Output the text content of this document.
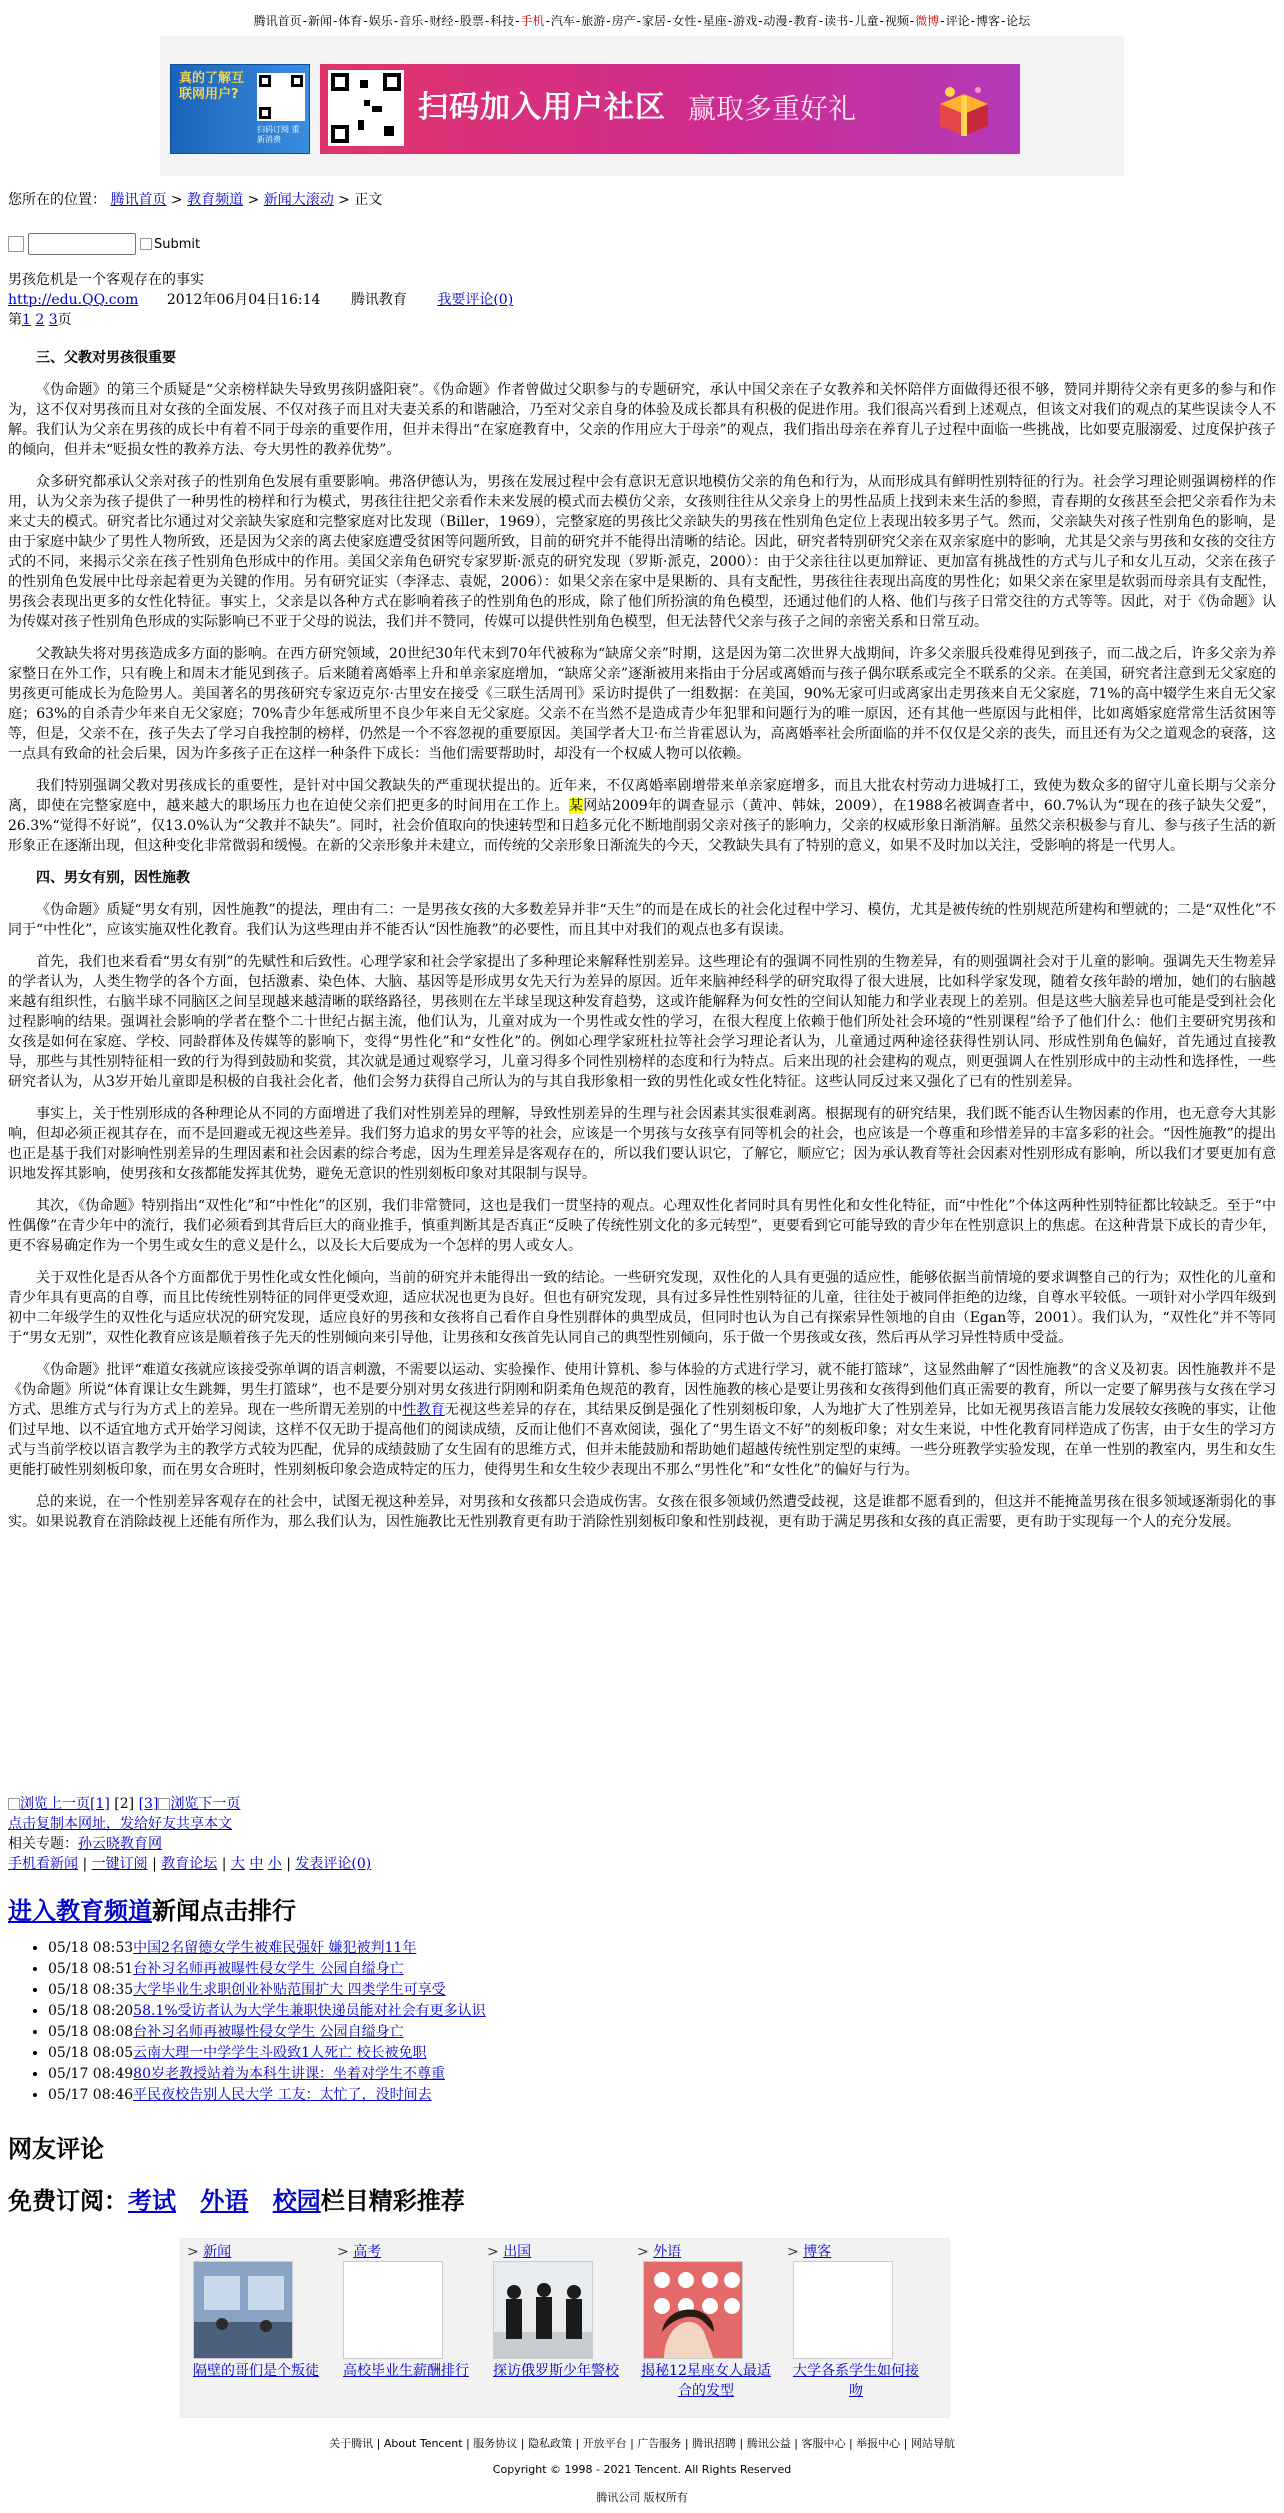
腾讯首页-新闻-体育-娱乐-音乐-财经-股票-科技-手机-汽车-旅游-房产-家居-女性-星座-游戏-动漫-教育-读书-儿童-视频-微博-评论-博客-论坛
真的了解互联网用户?
扫码订阅 重新消费
扫码加入用户社区 赢取多重好礼
您所在的位置： 腾讯首页 > 教育频道 > 新闻大滚动 > 正文
Submit
男孩危机是一个客观存在的事实
http://edu.QQ.com 2012年06月04日16:14 腾讯教育 我要评论(0)
第1 2 3页
三、父教对男孩很重要

《伪命题》的第三个质疑是“父亲榜样缺失导致男孩阴盛阳衰”。《伪命题》作者曾做过父职参与的专题研究，承认中国父亲在子女教养和关怀陪伴方面做得还很不够，赞同并期待父亲有更多的参与和作为，这不仅对男孩而且对女孩的全面发展、不仅对孩子而且对夫妻关系的和谐融洽，乃至对父亲自身的体验及成长都具有积极的促进作用。我们很高兴看到上述观点，但该文对我们的观点的某些误读令人不解。我们认为父亲在男孩的成长中有着不同于母亲的重要作用，但并未得出“在家庭教育中，父亲的作用应大于母亲”的观点，我们指出母亲在养育儿子过程中面临一些挑战，比如要克服溺爱、过度保护孩子的倾向，但并未“贬损女性的教养方法、夸大男性的教养优势”。

众多研究都承认父亲对孩子的性别角色发展有重要影响。弗洛伊德认为，男孩在发展过程中会有意识无意识地模仿父亲的角色和行为，从而形成具有鲜明性别特征的行为。社会学习理论则强调榜样的作用，认为父亲为孩子提供了一种男性的榜样和行为模式，男孩往往把父亲看作未来发展的模式而去模仿父亲，女孩则往往从父亲身上的男性品质上找到未来生活的参照，青春期的女孩甚至会把父亲看作为未来丈夫的模式。研究者比尔通过对父亲缺失家庭和完整家庭对比发现（Biller，1969），完整家庭的男孩比父亲缺失的男孩在性别角色定位上表现出较多男子气。然而，父亲缺失对孩子性别角色的影响，是由于家庭中缺少了男性人物所致，还是因为父亲的离去使家庭遭受贫困等问题所致，目前的研究并不能得出清晰的结论。因此，研究者特别研究父亲在双亲家庭中的影响，尤其是父亲与男孩和女孩的交往方式的不同，来揭示父亲在孩子性别角色形成中的作用。美国父亲角色研究专家罗斯·派克的研究发现（罗斯·派克，2000）：由于父亲往往以更加辩证、更加富有挑战性的方式与儿子和女儿互动，父亲在孩子的性别角色发展中比母亲起着更为关键的作用。另有研究证实（李泽志、袁妮，2006）：如果父亲在家中是果断的、具有支配性，男孩往往表现出高度的男性化；如果父亲在家里是软弱而母亲具有支配性，男孩会表现出更多的女性化特征。事实上，父亲是以各种方式在影响着孩子的性别角色的形成，除了他们所扮演的角色模型，还通过他们的人格、他们与孩子日常交往的方式等等。因此，对于《伪命题》认为传媒对孩子性别角色形成的实际影响已不亚于父母的说法，我们并不赞同，传媒可以提供性别角色模型，但无法替代父亲与孩子之间的亲密关系和日常互动。

父教缺失将对男孩造成多方面的影响。在西方研究领域，20世纪30年代末到70年代被称为“缺席父亲”时期，这是因为第二次世界大战期间，许多父亲服兵役难得见到孩子，而二战之后，许多父亲为养家整日在外工作，只有晚上和周末才能见到孩子。后来随着离婚率上升和单亲家庭增加，“缺席父亲”逐渐被用来指由于分居或离婚而与孩子偶尔联系或完全不联系的父亲。在美国，研究者注意到无父家庭的男孩更可能成长为危险男人。美国著名的男孩研究专家迈克尔·古里安在接受《三联生活周刊》采访时提供了一组数据：在美国，90%无家可归或离家出走男孩来自无父家庭，71%的高中辍学生来自无父家庭；63%的自杀青少年来自无父家庭；70%青少年惩戒所里不良少年来自无父家庭。父亲不在当然不是造成青少年犯罪和问题行为的唯一原因，还有其他一些原因与此相伴，比如离婚家庭常常生活贫困等等，但是，父亲不在，孩子失去了学习自我控制的榜样，仍然是一个不容忽视的重要原因。美国学者大卫·布兰肯霍恩认为，高离婚率社会所面临的并不仅仅是父亲的丧失，而且还有为父之道观念的衰落，这一点具有致命的社会后果，因为许多孩子正在这样一种条件下成长：当他们需要帮助时，却没有一个权威人物可以依赖。

我们特别强调父教对男孩成长的重要性，是针对中国父教缺失的严重现状提出的。近年来，不仅离婚率剧增带来单亲家庭增多，而且大批农村劳动力进城打工，致使为数众多的留守儿童长期与父亲分离，即使在完整家庭中，越来越大的职场压力也在迫使父亲们把更多的时间用在工作上。某网站2009年的调查显示（黄冲、韩妹，2009），在1988名被调查者中，60.7%认为“现在的孩子缺失父爱”，26.3%“觉得不好说”，仅13.0%认为“父教并不缺失”。同时，社会价值取向的快速转型和日趋多元化不断地削弱父亲对孩子的影响力，父亲的权威形象日渐消解。虽然父亲积极参与育儿、参与孩子生活的新形象正在逐渐出现，但这种变化非常微弱和缓慢。在新的父亲形象并未建立，而传统的父亲形象日渐流失的今天，父教缺失具有了特别的意义，如果不及时加以关注，受影响的将是一代男人。

四、男女有别，因性施教

《伪命题》质疑“男女有别，因性施教”的提法，理由有二：一是男孩女孩的大多数差异并非“天生”的而是在成长的社会化过程中学习、模仿，尤其是被传统的性别规范所建构和塑就的；二是“双性化”不同于“中性化”，应该实施双性化教育。我们认为这些理由并不能否认“因性施教”的必要性，而且其中对我们的观点也多有误读。

首先，我们也来看看“男女有别”的先赋性和后致性。心理学家和社会学家提出了多种理论来解释性别差异。这些理论有的强调不同性别的生物差异，有的则强调社会对于儿童的影响。强调先天生物差异的学者认为，人类生物学的各个方面，包括激素、染色体、大脑、基因等是形成男女先天行为差异的原因。近年来脑神经科学的研究取得了很大进展，比如科学家发现，随着女孩年龄的增加，她们的右脑越来越有组织性，右脑半球不同脑区之间呈现越来越清晰的联络路径，男孩则在左半球呈现这种发育趋势，这或许能解释为何女性的空间认知能力和学业表现上的差别。但是这些大脑差异也可能是受到社会化过程影响的结果。强调社会影响的学者在整个二十世纪占据主流，他们认为，儿童对成为一个男性或女性的学习，在很大程度上依赖于他们所处社会环境的“性别课程”给予了他们什么：他们主要研究男孩和女孩是如何在家庭、学校、同龄群体及传媒等的影响下，变得“男性化”和“女性化”的。例如心理学家班杜拉等社会学习理论者认为，儿童通过两种途径获得性别认同、形成性别角色偏好，首先通过直接教导，那些与其性别特征相一致的行为得到鼓励和奖赏，其次就是通过观察学习，儿童习得多个同性别榜样的态度和行为特点。后来出现的社会建构的观点，则更强调人在性别形成中的主动性和选择性，一些研究者认为，从3岁开始儿童即是积极的自我社会化者，他们会努力获得自己所认为的与其自我形象相一致的男性化或女性化特征。这些认同反过来又强化了已有的性别差异。

事实上，关于性别形成的各种理论从不同的方面增进了我们对性别差异的理解，导致性别差异的生理与社会因素其实很难剥离。根据现有的研究结果，我们既不能否认生物因素的作用，也无意夸大其影响，但却必须正视其存在，而不是回避或无视这些差异。我们努力追求的男女平等的社会，应该是一个男孩与女孩享有同等机会的社会，也应该是一个尊重和珍惜差异的丰富多彩的社会。“因性施教”的提出也正是基于我们对影响性别差异的生理因素和社会因素的综合考虑，因为生理差异是客观存在的，所以我们要认识它，了解它，顺应它；因为承认教育等社会因素对性别形成有影响，所以我们才要更加有意识地发挥其影响，使男孩和女孩都能发挥其优势，避免无意识的性别刻板印象对其限制与误导。

其次，《伪命题》特别指出“双性化”和“中性化”的区别，我们非常赞同，这也是我们一贯坚持的观点。心理双性化者同时具有男性化和女性化特征，而“中性化”个体这两种性别特征都比较缺乏。至于“中性偶像”在青少年中的流行，我们必须看到其背后巨大的商业推手，慎重判断其是否真正“反映了传统性别文化的多元转型”，更要看到它可能导致的青少年在性别意识上的焦虑。在这种背景下成长的青少年，更不容易确定作为一个男生或女生的意义是什么，以及长大后要成为一个怎样的男人或女人。

关于双性化是否从各个方面都优于男性化或女性化倾向，当前的研究并未能得出一致的结论。一些研究发现，双性化的人具有更强的适应性，能够依据当前情境的要求调整自己的行为；双性化的儿童和青少年具有更高的自尊，而且比传统性别特征的同伴更受欢迎，适应状况也更为良好。但也有研究发现，具有过多异性性别特征的儿童，往往处于被同伴拒绝的边缘，自尊水平较低。一项针对小学四年级到初中二年级学生的双性化与适应状况的研究发现，适应良好的男孩和女孩将自己看作自身性别群体的典型成员，但同时也认为自己有探索异性领地的自由（Egan等，2001）。我们认为，“双性化”并不等同于“男女无别”，双性化教育应该是顺着孩子先天的性别倾向来引导他，让男孩和女孩首先认同自己的典型性别倾向，乐于做一个男孩或女孩，然后再从学习异性特质中受益。

《伪命题》批评“难道女孩就应该接受弥单调的语言刺激，不需要以运动、实验操作、使用计算机、参与体验的方式进行学习，就不能打篮球”，这显然曲解了“因性施教”的含义及初衷。因性施教并不是《伪命题》所说“体育课让女生跳舞，男生打篮球”，也不是要分别对男女孩进行阴刚和阴柔角色规范的教育，因性施教的核心是要让男孩和女孩得到他们真正需要的教育，所以一定要了解男孩与女孩在学习方式、思维方式与行为方式上的差异。现在一些所谓无差别的中性教育无视这些差异的存在，其结果反倒是强化了性别刻板印象，人为地扩大了性别差异，比如无视男孩语言能力发展较女孩晚的事实，让他们过早地、以不适宜地方式开始学习阅读，这样不仅无助于提高他们的阅读成绩，反而让他们不喜欢阅读，强化了“男生语文不好”的刻板印象；对女生来说，中性化教育同样造成了伤害，由于女生的学习方式与当前学校以语言教学为主的教学方式较为匹配，优异的成绩鼓励了女生固有的思维方式，但并未能鼓励和帮助她们超越传统性别定型的束缚。一些分班教学实验发现，在单一性别的教室内，男生和女生更能打破性别刻板印象，而在男女合班时，性别刻板印象会造成特定的压力，使得男生和女生较少表现出不那么“男性化”和“女性化”的偏好与行为。

总的来说，在一个性别差异客观存在的社会中，试图无视这种差异，对男孩和女孩都只会造成伤害。女孩在很多领域仍然遭受歧视，这是谁都不愿看到的，但这并不能掩盖男孩在很多领域逐渐弱化的事实。如果说教育在消除歧视上还能有所作为，那么我们认为，因性施教比无性别教育更有助于消除性别刻板印象和性别歧视，更有助于满足男孩和女孩的真正需要，更有助于实现每一个人的充分发展。

浏览上一页[1] [2] [3] 浏览下一页
点击复制本网址，发给好友共享本文
相关专题：孙云晓教育网
手机看新闻 | 一键订阅 | 教育论坛 | 大 中 小 | 发表评论(0)
进入教育频道新闻点击排行
• 05/18 08:53中国2名留德女学生被难民强奸 嫌犯被判11年
• 05/18 08:51台补习名师再被曝性侵女学生 公园自缢身亡
• 05/18 08:35大学毕业生求职创业补贴范围扩大 四类学生可享受
• 05/18 08:2058.1%受访者认为大学生兼职快递员能对社会有更多认识
• 05/18 08:08台补习名师再被曝性侵女学生 公园自缢身亡
• 05/18 08:05云南大理一中学学生斗殴致1人死亡 校长被免职
• 05/17 08:4980岁老教授站着为本科生讲课：坐着对学生不尊重
• 05/17 08:46平民夜校告别人民大学 工友：太忙了，没时间去
网友评论
免费订阅：考试 外语 校园栏目精彩推荐
> 新闻
隔壁的哥们是个叛徒
> 高考
高校毕业生薪酬排行
> 出国
探访俄罗斯少年警校
> 外语
揭秘12星座女人最适合的发型
> 博客
大学各系学生如何接吻
关于腾讯 | About Tencent | 服务协议 | 隐私政策 | 开放平台 | 广告服务 | 腾讯招聘 | 腾讯公益 | 客服中心 | 举报中心 | 网站导航
Copyright © 1998 - 2021 Tencent. All Rights Reserved
腾讯公司 版权所有
